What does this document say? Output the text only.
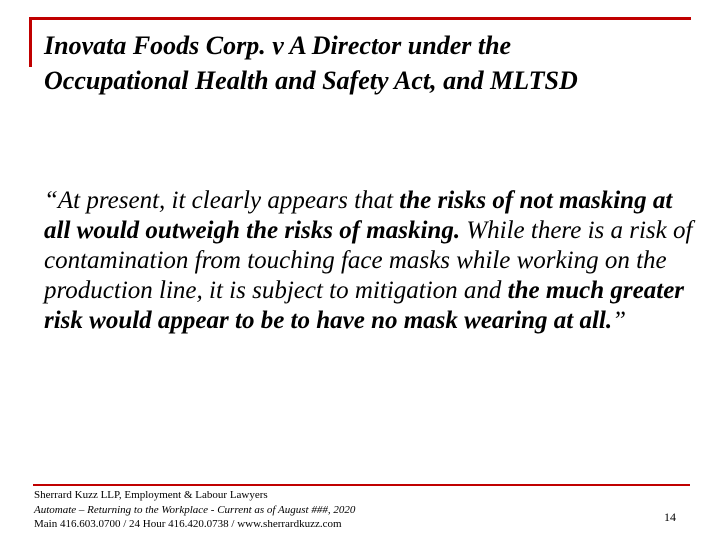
Inovata Foods Corp. v A Director under the
Occupational Health and Safety Act, and MLTSD
“At present, it clearly appears that the risks of not masking at all would outweigh the risks of masking. While there is a risk of contamination from touching face masks while working on the production line, it is subject to mitigation and the much greater risk would appear to be to have no mask wearing at all.”
Sherrard Kuzz LLP, Employment & Labour Lawyers
Automate – Returning to the Workplace - Current as of August ###, 2020
Main 416.603.0700 / 24 Hour 416.420.0738 / www.sherrardkuzz.com	14
